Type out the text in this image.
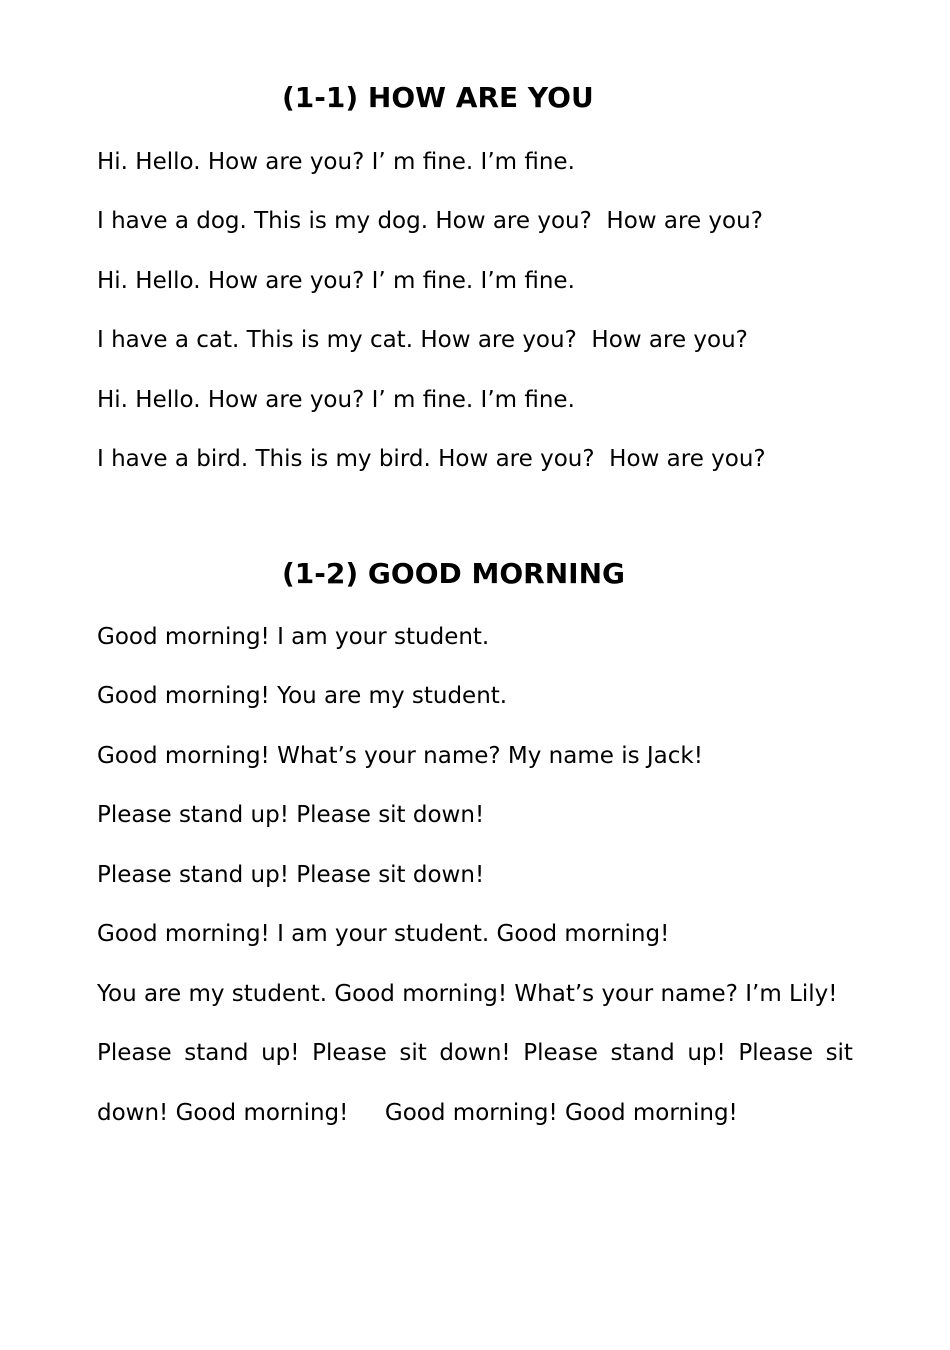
(1-1) HOW ARE YOU

Hi. Hello. How are you? I’ m fine. I’m fine.

I have a dog. This is my dog. How are you?  How are you?

Hi. Hello. How are you? I’ m fine. I’m fine.

I have a cat. This is my cat. How are you?  How are you?

Hi. Hello. How are you? I’ m fine. I’m fine.

I have a bird. This is my bird. How are you?  How are you?

(1-2) GOOD MORNING

Good morning! I am your student.

Good morning! You are my student.

Good morning! What’s your name? My name is Jack!

Please stand up! Please sit down!

Please stand up! Please sit down!

Good morning! I am your student. Good morning!

You are my student. Good morning! What’s your name? I’m Lily!

Please stand up! Please sit down! Please stand up! Please sit

down! Good morning!     Good morning! Good morning!
